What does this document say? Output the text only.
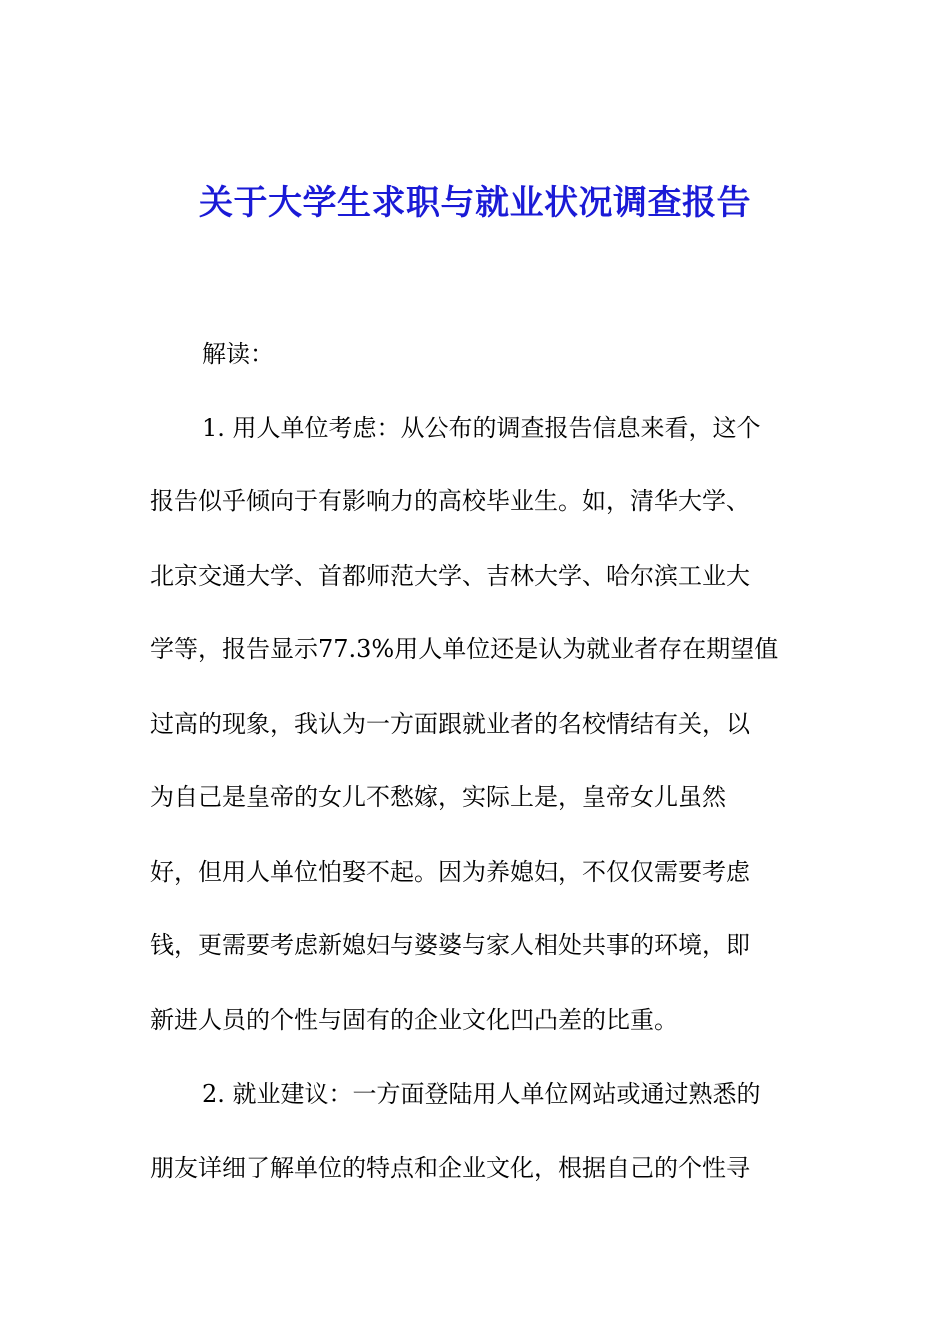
关于大学生求职与就业状况调查报告

解读：

1. 用人单位考虑：从公布的调查报告信息来看，这个

报告似乎倾向于有影响力的高校毕业生。如，清华大学、

北京交通大学、首都师范大学、吉林大学、哈尔滨工业大

学等，报告显示77.3%用人单位还是认为就业者存在期望值

过高的现象，我认为一方面跟就业者的名校情结有关，以

为自己是皇帝的女儿不愁嫁，实际上是，皇帝女儿虽然

好，但用人单位怕娶不起。因为养媳妇，不仅仅需要考虑

钱，更需要考虑新媳妇与婆婆与家人相处共事的环境，即

新进人员的个性与固有的企业文化凹凸差的比重。

2. 就业建议：一方面登陆用人单位网站或通过熟悉的

朋友详细了解单位的特点和企业文化，根据自己的个性寻
